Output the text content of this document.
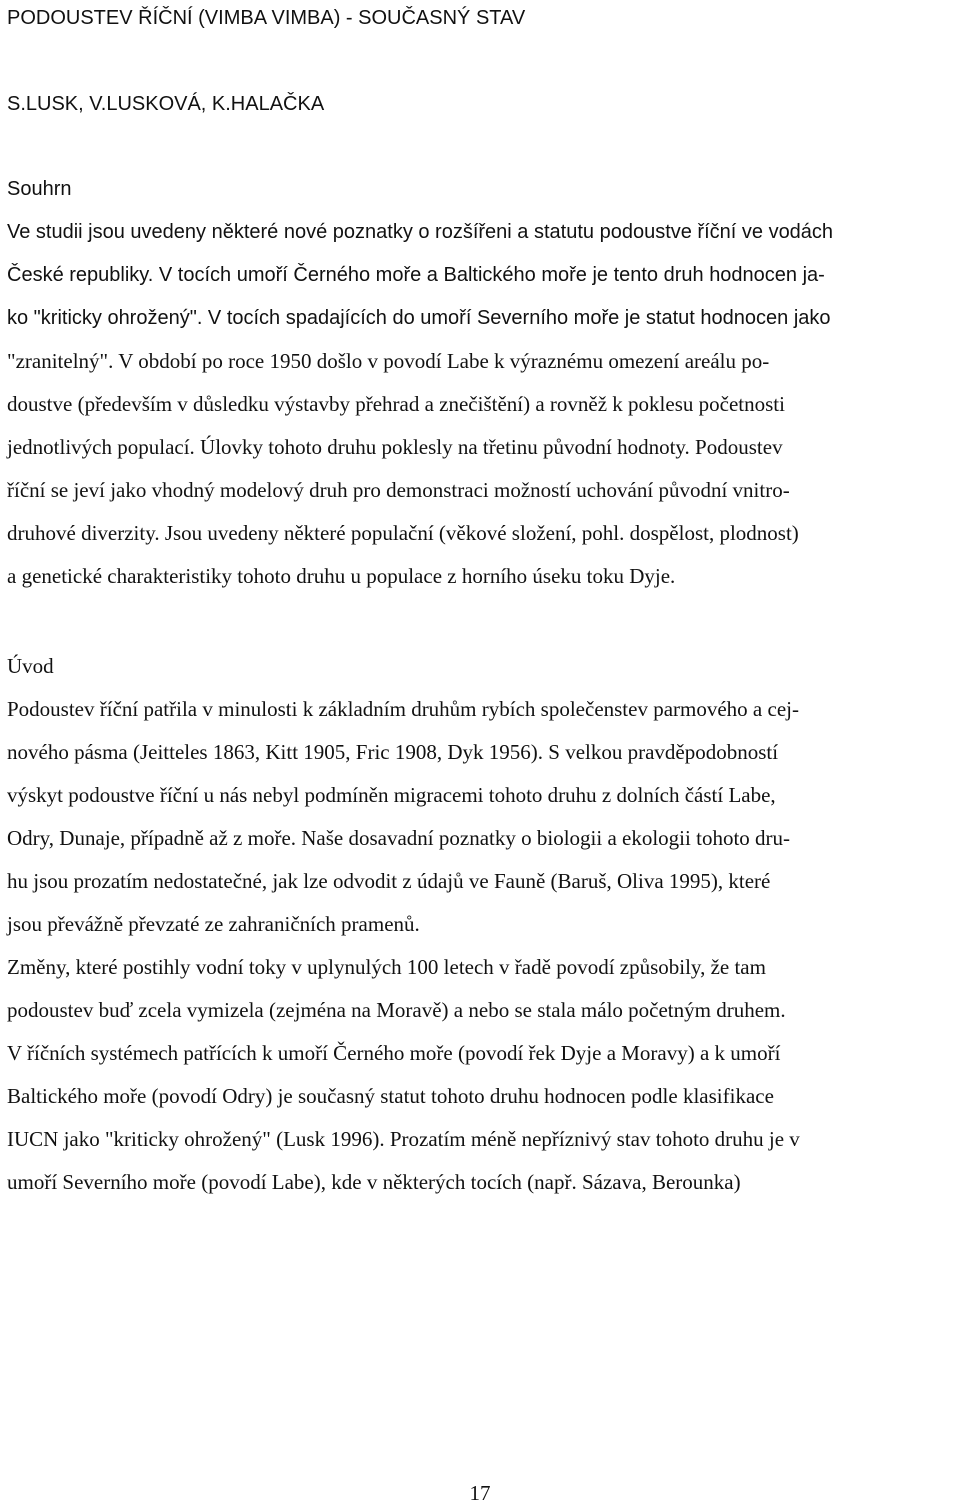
PODOUSTEV ŘÍČNÍ (VIMBA VIMBA) - SOUČASNÝ STAV
S.LUSK, V.LUSKOVÁ, K.HALAČKA
Souhrn
Ve studii jsou uvedeny některé nové poznatky o rozšířeni a statutu podoustve říční ve vodách
České republiky. V tocích umoří Černého moře a Baltického moře je tento druh hodnocen ja-
ko "kriticky ohrožený". V tocích spadajících do umoří Severního moře je statut hodnocen jako
"zranitelný". V období po roce 1950 došlo v povodí Labe k výraznému omezení areálu po-
doustve (především v důsledku výstavby přehrad a znečištění) a rovněž k poklesu početnosti
jednotlivých populací. Úlovky tohoto druhu poklesly na třetinu původní hodnoty. Podoustev
říční se jeví jako vhodný modelový druh pro demonstraci možností uchování původní vnitro-
druhové diverzity. Jsou uvedeny některé populační (věkové složení, pohl. dospělost, plodnost)
a genetické charakteristiky tohoto druhu u populace z horního úseku toku Dyje.
Úvod
Podoustev říční patřila v minulosti k základním druhům rybích společenstev parmového a cej-
nového pásma (Jeitteles 1863, Kitt 1905, Fric 1908, Dyk 1956). S velkou pravděpodobností
výskyt podoustve říční u nás nebyl podmíněn migracemi tohoto druhu z dolních částí Labe,
Odry, Dunaje, případně až z moře. Naše dosavadní poznatky o biologii a ekologii tohoto dru-
hu jsou prozatím nedostatečné, jak lze odvodit z údajů ve Fauně (Baruš, Oliva 1995), které
jsou převážně převzaté ze zahraničních pramenů.
Změny, které postihly vodní toky v uplynulých 100 letech v řadě povodí způsobily, že tam
podoustev buď zcela vymizela (zejména na Moravě) a nebo se stala málo početným druhem.
V říčních systémech patřících k umoří Černého moře (povodí řek Dyje a Moravy) a k umoří
Baltického moře (povodí Odry) je současný statut tohoto druhu hodnocen podle klasifikace
IUCN jako "kriticky ohrožený" (Lusk 1996). Prozatím méně nepříznivý stav tohoto druhu je v
umoří Severního moře (povodí Labe), kde v některých tocích (např. Sázava, Berounka)
17
